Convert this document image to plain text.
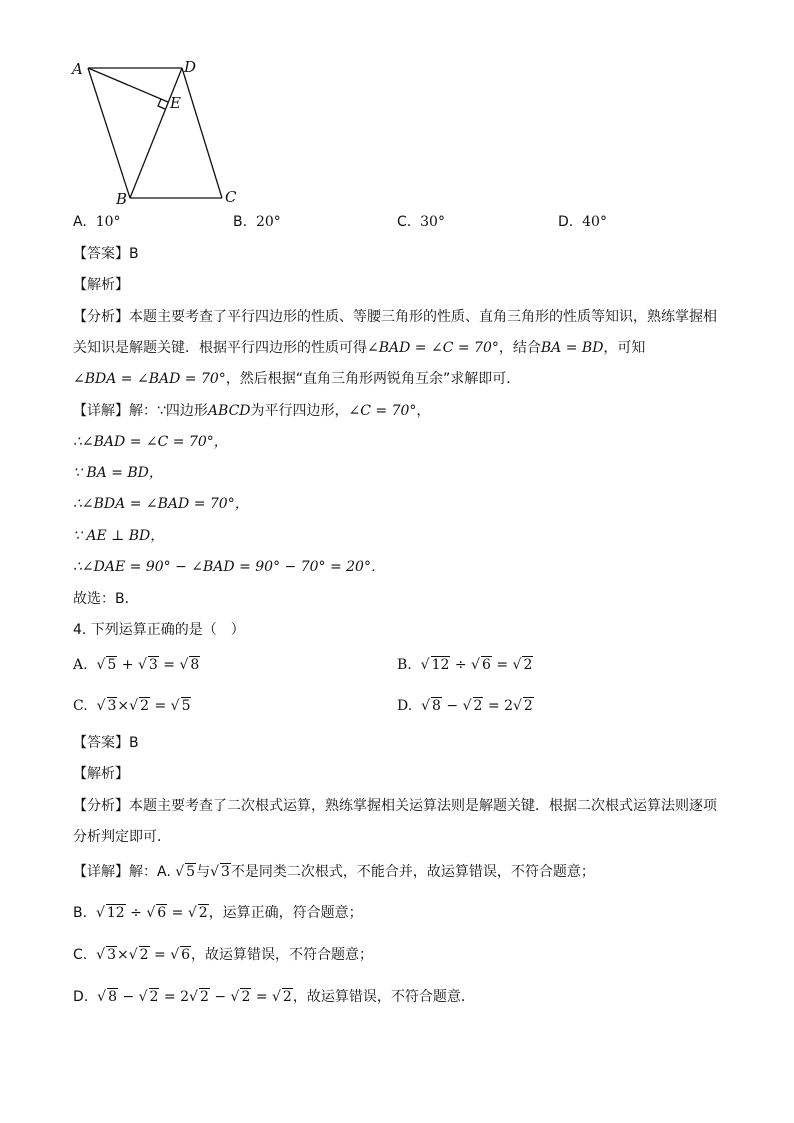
A	D
E
B	C
A. 10°	B. 20°	C. 30°	D. 40°
【答案】B
【解析】
【分析】本题主要考查了平行四边形的性质、等腰三角形的性质、直角三角形的性质等知识，熟练掌握相
关知识是解题关键．根据平行四边形的性质可得∠BAD = ∠C = 70°，结合BA = BD，可知
∠BDA = ∠BAD = 70°，然后根据“直角三角形两锐角互余”求解即可．
【详解】解：∵四边形ABCD为平行四边形，∠C = 70°，
∴∠BAD = ∠C = 70°，
∵ BA = BD，
∴∠BDA = ∠BAD = 70°，
∵ AE ⊥ BD，
∴∠DAE = 90° − ∠BAD = 90° − 70° = 20°．
故选：B．
4. 下列运算正确的是（　）
A. √ 5 + √ 3 = √ 8	B. √ 12 ÷ √ 6 = √ 2
C. √ 3×√ 2 = √ 5	D. √ 8 − √ 2 = 2√ 2
【答案】B
【解析】
【分析】本题主要考查了二次根式运算，熟练掌握相关运算法则是解题关键．根据二次根式运算法则逐项
分析判定即可．
【详解】解：A. √ 5与√ 3不是同类二次根式，不能合并，故运算错误，不符合题意；
B. √ 12 ÷ √ 6 = √ 2，运算正确，符合题意；
C. √ 3×√ 2 = √ 6，故运算错误，不符合题意；
D. √ 8 − √ 2 = 2√ 2 − √ 2 = √ 2，故运算错误，不符合题意．
